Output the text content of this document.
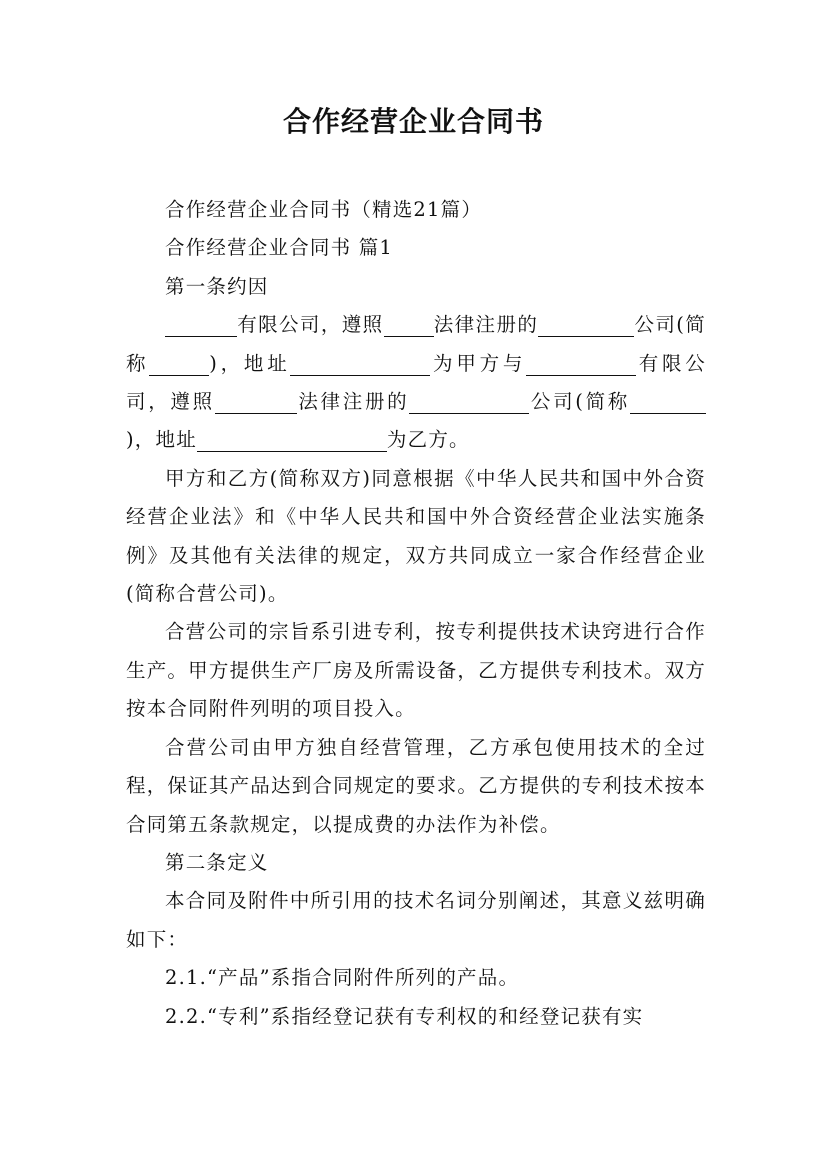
合作经营企业合同书

合作经营企业合同书（精选21篇）

合作经营企业合同书 篇1

第一条约因

有限公司，遵照	法律注册的	公司(简称	)，地址	为甲方与	有限公司，遵照	法律注册的	公司(简称)，地址	为乙方。

甲方和乙方(简称双方)同意根据《中华人民共和国中外合资经营企业法》和《中华人民共和国中外合资经营企业法实施条例》及其他有关法律的规定，双方共同成立一家合作经营企业(简称合营公司)。

合营公司的宗旨系引进专利，按专利提供技术诀窍进行合作生产。甲方提供生产厂房及所需设备，乙方提供专利技术。双方按本合同附件列明的项目投入。

合营公司由甲方独自经营管理，乙方承包使用技术的全过程，保证其产品达到合同规定的要求。乙方提供的专利技术按本合同第五条款规定，以提成费的办法作为补偿。

第二条定义

本合同及附件中所引用的技术名词分别阐述，其意义兹明确如下：

2.1.“产品”系指合同附件所列的产品。

2.2.“专利”系指经登记获有专利权的和经登记获有实
